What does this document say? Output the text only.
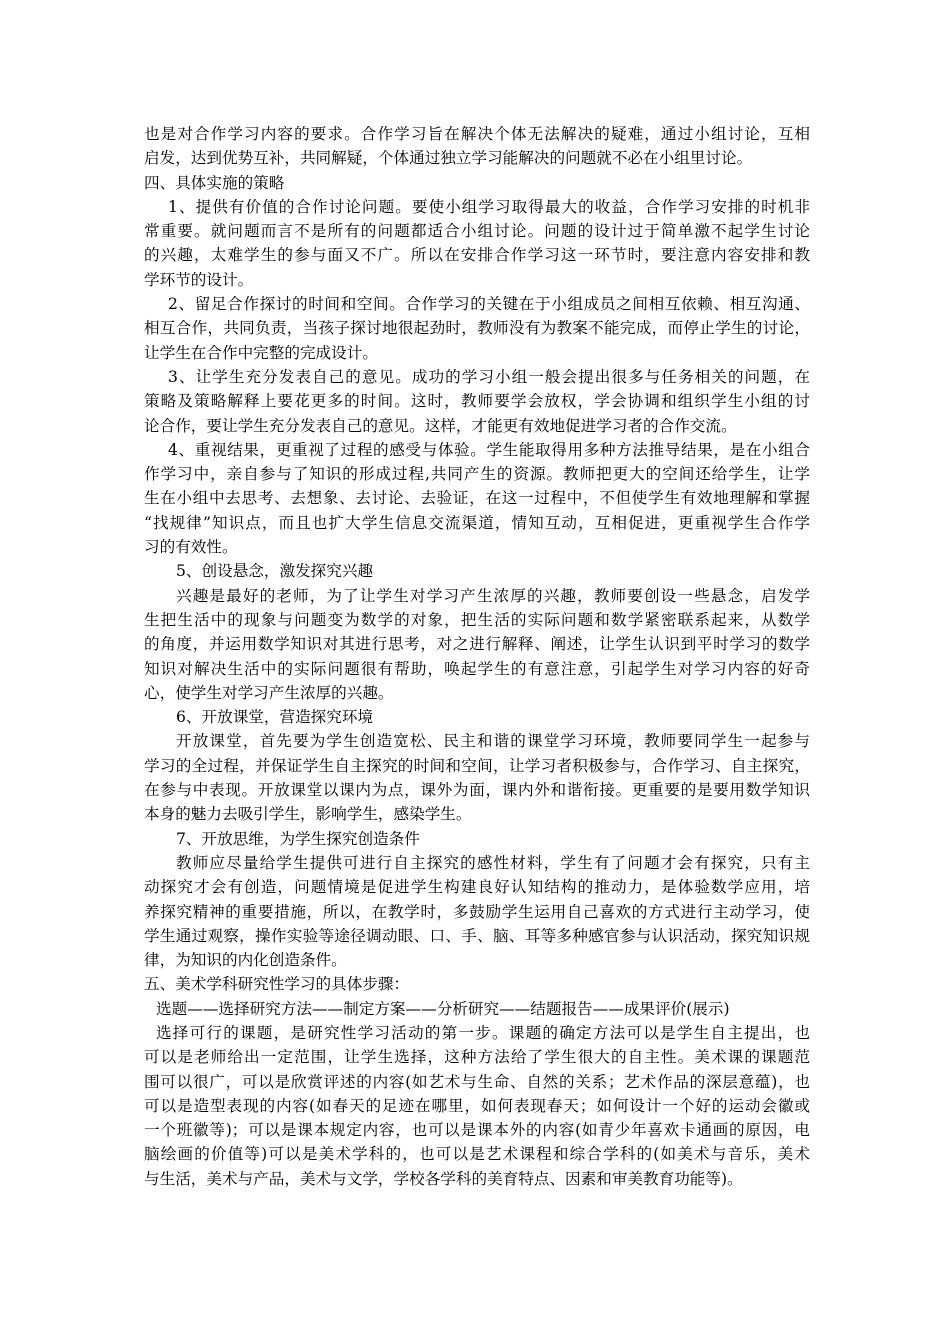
也是对合作学习内容的要求。合作学习旨在解决个体无法解决的疑难，通过小组讨论，互相
启发，达到优势互补，共同解疑，个体通过独立学习能解决的问题就不必在小组里讨论。
四、具体实施的策略
1、提供有价值的合作讨论问题。要使小组学习取得最大的收益，合作学习安排的时机非
常重要。就问题而言不是所有的问题都适合小组讨论。问题的设计过于简单激不起学生讨论
的兴趣，太难学生的参与面又不广。所以在安排合作学习这一环节时，要注意内容安排和教
学环节的设计。
2、留足合作探讨的时间和空间。合作学习的关键在于小组成员之间相互依赖、相互沟通、
相互合作，共同负责，当孩子探讨地很起劲时，教师没有为教案不能完成，而停止学生的讨论，
让学生在合作中完整的完成设计。
3、让学生充分发表自己的意见。成功的学习小组一般会提出很多与任务相关的问题，在
策略及策略解释上要花更多的时间。这时，教师要学会放权，学会协调和组织学生小组的讨
论合作，要让学生充分发表自己的意见。这样，才能更有效地促进学习者的合作交流。
4、重视结果，更重视了过程的感受与体验。学生能取得用多种方法推导结果，是在小组合
作学习中，亲自参与了知识的形成过程,共同产生的资源。教师把更大的空间还给学生，让学
生在小组中去思考、去想象、去讨论、去验证，在这一过程中，不但使学生有效地理解和掌握
“找规律”知识点，而且也扩大学生信息交流渠道，情知互动，互相促进，更重视学生合作学
习的有效性。
5、创设悬念，激发探究兴趣
兴趣是最好的老师，为了让学生对学习产生浓厚的兴趣，教师要创设一些悬念，启发学
生把生活中的现象与问题变为数学的对象，把生活的实际问题和数学紧密联系起来，从数学
的角度，并运用数学知识对其进行思考，对之进行解释、阐述，让学生认识到平时学习的数学
知识对解决生活中的实际问题很有帮助，唤起学生的有意注意，引起学生对学习内容的好奇
心，使学生对学习产生浓厚的兴趣。
6、开放课堂，营造探究环境
开放课堂，首先要为学生创造宽松、民主和谐的课堂学习环境，教师要同学生一起参与
学习的全过程，并保证学生自主探究的时间和空间，让学习者积极参与，合作学习、自主探究，
在参与中表现。开放课堂以课内为点，课外为面，课内外和谐衔接。更重要的是要用数学知识
本身的魅力去吸引学生，影响学生，感染学生。
7、开放思维，为学生探究创造条件
教师应尽量给学生提供可进行自主探究的感性材料，学生有了问题才会有探究，只有主
动探究才会有创造，问题情境是促进学生构建良好认知结构的推动力，是体验数学应用，培
养探究精神的重要措施，所以，在教学时，多鼓励学生运用自己喜欢的方式进行主动学习，使
学生通过观察，操作实验等途径调动眼、口、手、脑、耳等多种感官参与认识活动，探究知识规
律，为知识的内化创造条件。
五、美术学科研究性学习的具体步骤：
选题——选择研究方法——制定方案——分析研究——结题报告——成果评价(展示)
选择可行的课题，是研究性学习活动的第一步。课题的确定方法可以是学生自主提出，也
可以是老师给出一定范围，让学生选择，这种方法给了学生很大的自主性。美术课的课题范
围可以很广，可以是欣赏评述的内容(如艺术与生命、自然的关系；艺术作品的深层意蕴)，也
可以是造型表现的内容(如春天的足迹在哪里，如何表现春天；如何设计一个好的运动会徽或
一个班徽等)；可以是课本规定内容，也可以是课本外的内容(如青少年喜欢卡通画的原因，电
脑绘画的价值等)可以是美术学科的，也可以是艺术课程和综合学科的(如美术与音乐，美术
与生活，美术与产品，美术与文学，学校各学科的美育特点、因素和审美教育功能等)。
